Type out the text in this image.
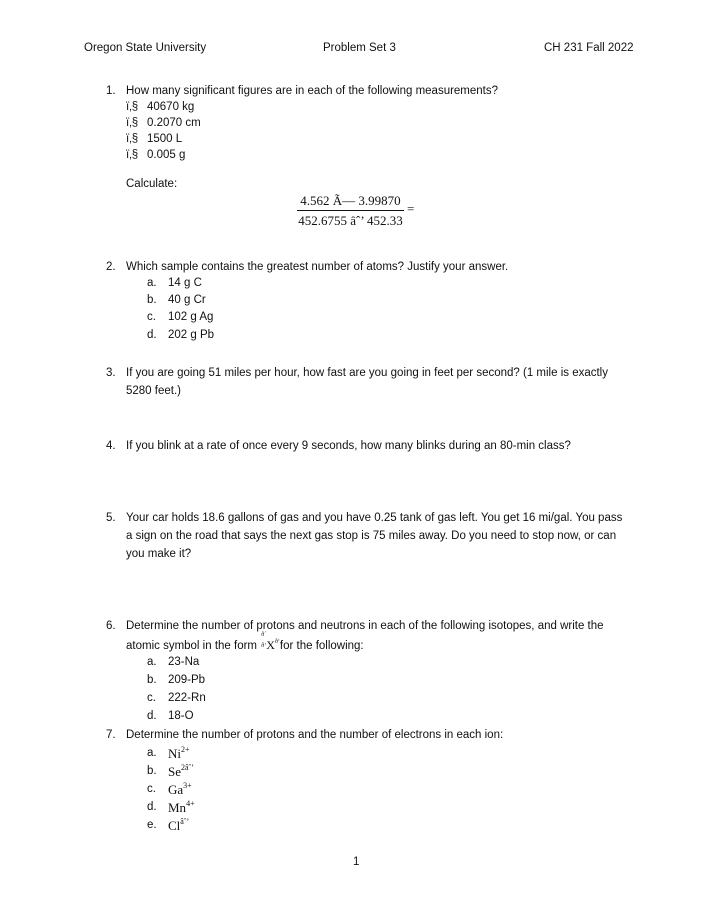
Oregon State University	Problem Set 3	CH 231 Fall 2022
1. How many significant figures are in each of the following measurements?
ï‚§ 40670 kg
ï‚§ 0.2070 cm
ï‚§ 1500 L
ï‚§ 0.005 g
Calculate:
4.562 Ã— 3.99870
452.6755 âˆ’ 452.33
=
2. Which sample contains the greatest number of atoms? Justify your answer.
a. 14 g C
b. 40 g Cr
c. 102 g Ag
d. 202 g Pb
3. If you are going 51 miles per hour, how fast are you going in feet per second? (1 mile is exactly
5280 feet.)
4. If you blink at a rate of once every 9 seconds, how many blinks during an 80-min class?
5. Your car holds 18.6 gallons of gas and you have 0.25 tank of gas left. You get 16 mi/gal. You pass
a sign on the road that says the next gas stop is 75 miles away. Do you need to stop now, or can
you make it?
6. Determine the number of protons and neutrons in each of the following isotopes, and write the
atomic symbol in the form
ð´
ð‘ $X^{ð‘}for$ the following:
a. 23-Na
b. 209-Pb
c. 222-Rn
d. 18-O
7. Determine the number of protons and the number of electrons in each ion:
a. $Ni^{2+}$
b. $Se^{2âˆ’}$
c. $Ga^{3+}$
d. $Mn^{4+}$
e. $Cl^{âˆ’}$
1
